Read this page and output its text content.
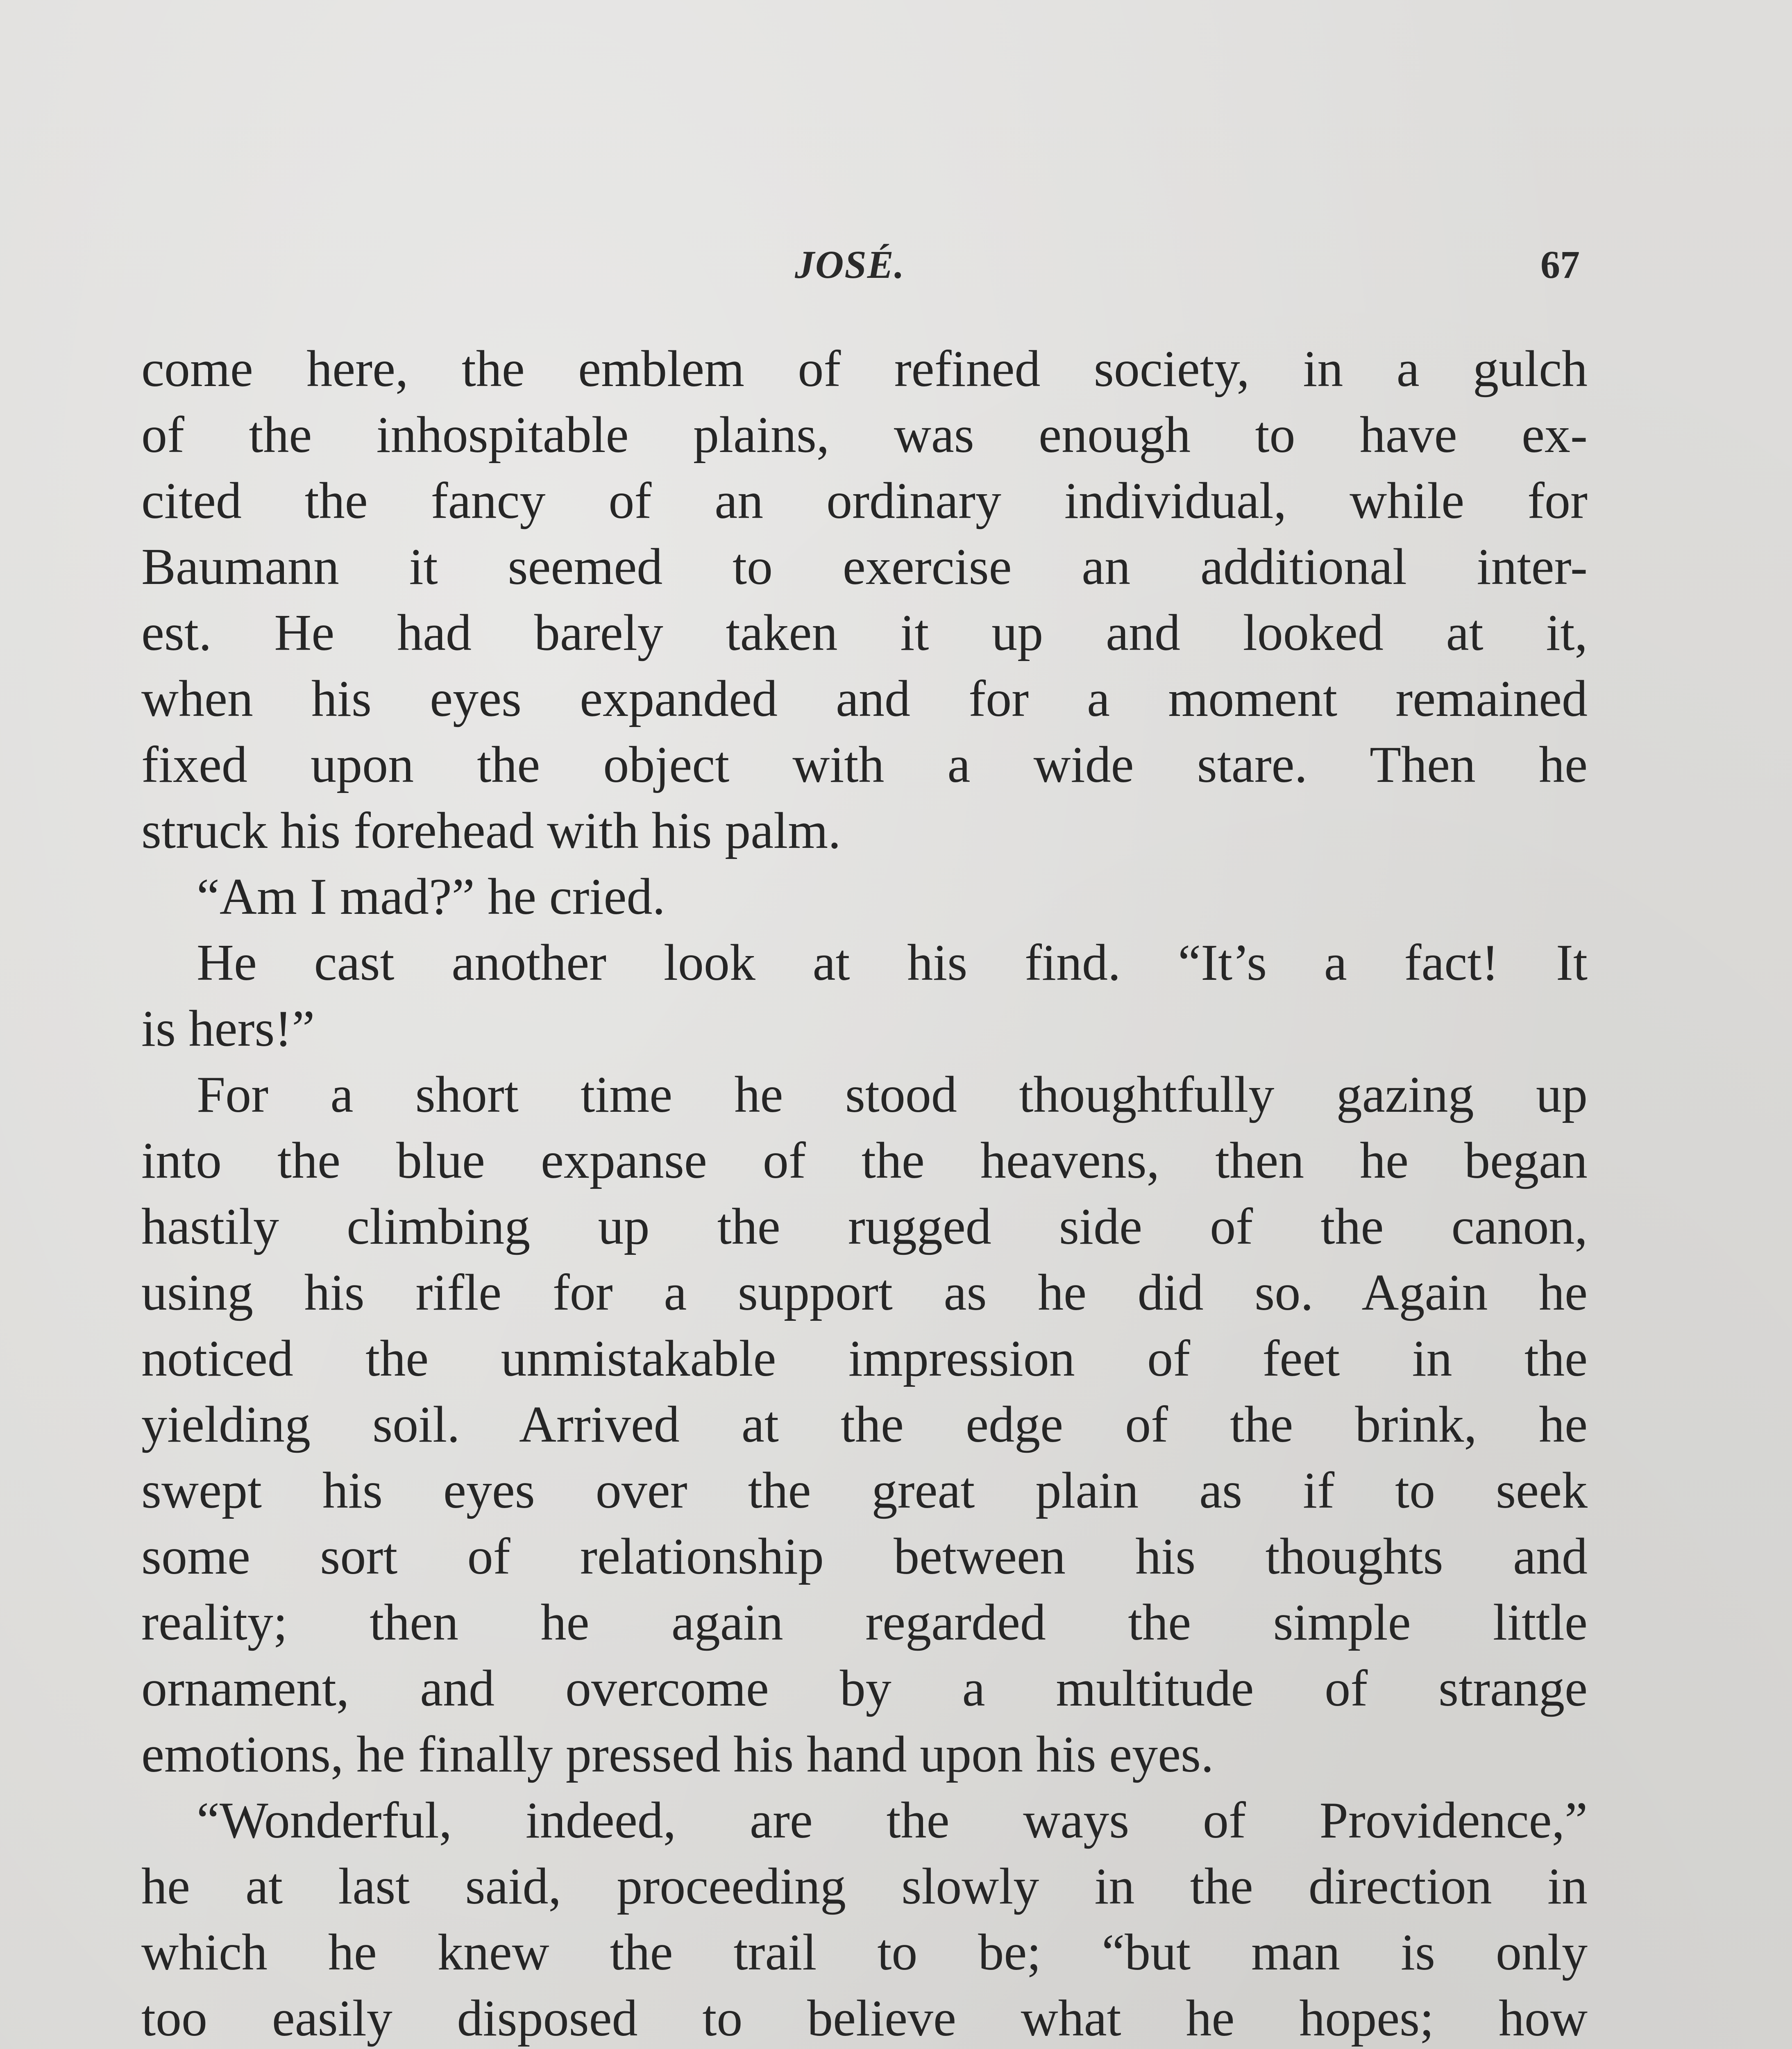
JOSÉ.	67
come here, the emblem of refined society, in a gulch
of the inhospitable plains, was enough to have ex-
cited the fancy of an ordinary individual, while for
Baumann it seemed to exercise an additional inter-
est. He had barely taken it up and looked at it,
when his eyes expanded and for a moment remained
fixed upon the object with a wide stare. Then he
struck his forehead with his palm.
“Am I mad?” he cried.
He cast another look at his find. “It’s a fact! It
is hers!”
For a short time he stood thoughtfully gazing up
into the blue expanse of the heavens, then he began
hastily climbing up the rugged side of the canon,
using his rifle for a support as he did so. Again he
noticed the unmistakable impression of feet in the
yielding soil. Arrived at the edge of the brink, he
swept his eyes over the great plain as if to seek
some sort of relationship between his thoughts and
reality; then he again regarded the simple little
ornament, and overcome by a multitude of strange
emotions, he finally pressed his hand upon his eyes.
“Wonderful, indeed, are the ways of Providence,”
he at last said, proceeding slowly in the direction in
which he knew the trail to be; “but man is only
too easily disposed to believe what he hopes; how
